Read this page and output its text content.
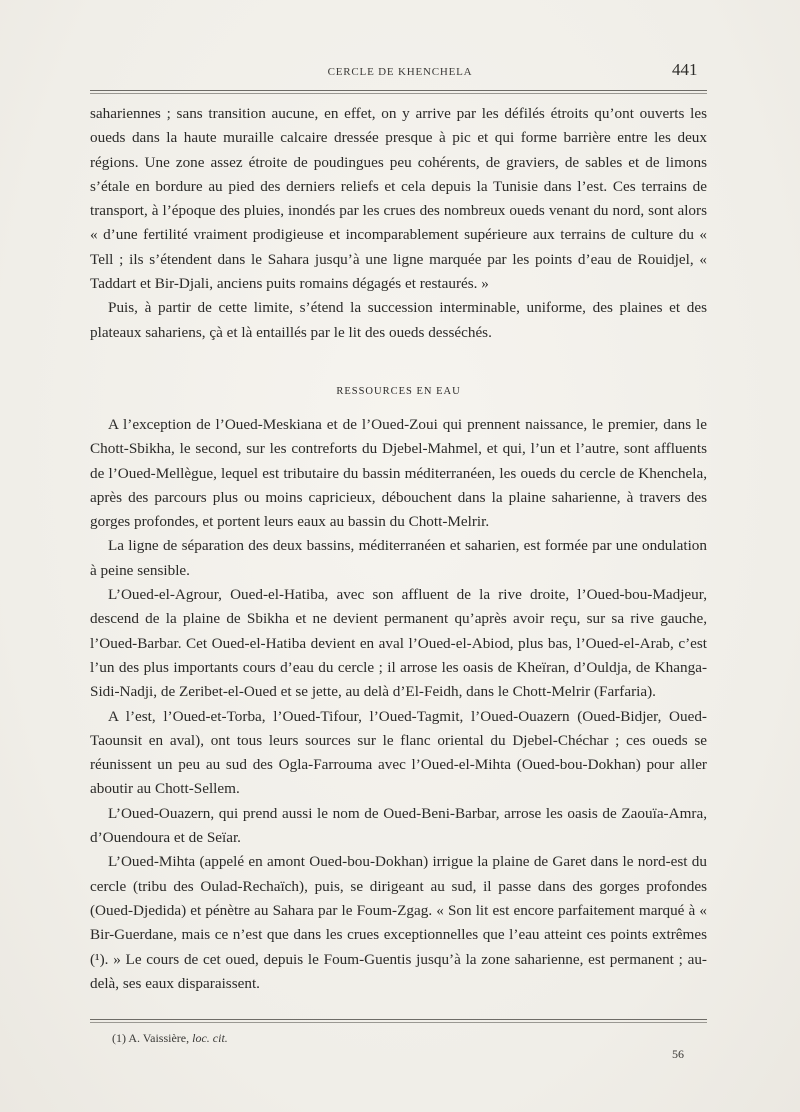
CERCLE DE KHENCHELA	441

sahariennes ; sans transition aucune, en effet, on y arrive par les défilés étroits qu’ont ouverts les oueds dans la haute muraille calcaire dressée presque à pic et qui forme barrière entre les deux régions. Une zone assez étroite de poudingues peu cohérents, de graviers, de sables et de limons s’étale en bordure au pied des derniers reliefs et cela depuis la Tunisie dans l’est. Ces terrains de transport, à l’époque des pluies, inondés par les crues des nombreux oueds venant du nord, sont alors « d’une fertilité vraiment prodigieuse et incomparablement supérieure aux terrains de culture du « Tell ; ils s’étendent dans le Sahara jusqu’à une ligne marquée par les points d’eau de Rouidjel, « Taddart et Bir-Djali, anciens puits romains dégagés et restaurés. »

Puis, à partir de cette limite, s’étend la succession interminable, uniforme, des plaines et des plateaux sahariens, çà et là entaillés par le lit des oueds desséchés.

RESSOURCES EN EAU

A l’exception de l’Oued-Meskiana et de l’Oued-Zoui qui prennent naissance, le premier, dans le Chott-Sbikha, le second, sur les contreforts du Djebel-Mahmel, et qui, l’un et l’autre, sont affluents de l’Oued-Mellègue, lequel est tributaire du bassin méditerranéen, les oueds du cercle de Khenchela, après des parcours plus ou moins capricieux, débouchent dans la plaine saharienne, à travers des gorges profondes, et portent leurs eaux au bassin du Chott-Melrir.

La ligne de séparation des deux bassins, méditerranéen et saharien, est formée par une ondulation à peine sensible.

L’Oued-el-Agrour, Oued-el-Hatiba, avec son affluent de la rive droite, l’Oued-bou-Madjeur, descend de la plaine de Sbikha et ne devient permanent qu’après avoir reçu, sur sa rive gauche, l’Oued-Barbar. Cet Oued-el-Hatiba devient en aval l’Oued-el-Abiod, plus bas, l’Oued-el-Arab, c’est l’un des plus importants cours d’eau du cercle ; il arrose les oasis de Kheïran, d’Ouldja, de Khanga-Sidi-Nadji, de Zeribet-el-Oued et se jette, au delà d’El-Feidh, dans le Chott-Melrir (Farfaria).

A l’est, l’Oued-et-Torba, l’Oued-Tifour, l’Oued-Tagmit, l’Oued-Ouazern (Oued-Bidjer, Oued-Taounsit en aval), ont tous leurs sources sur le flanc oriental du Djebel-Chéchar ; ces oueds se réunissent un peu au sud des Ogla-Farrouma avec l’Oued-el-Mihta (Oued-bou-Dokhan) pour aller aboutir au Chott-Sellem.

L’Oued-Ouazern, qui prend aussi le nom de Oued-Beni-Barbar, arrose les oasis de Zaouïa-Amra, d’Ouendoura et de Seïar.

L’Oued-Mihta (appelé en amont Oued-bou-Dokhan) irrigue la plaine de Garet dans le nord-est du cercle (tribu des Oulad-Rechaïch), puis, se dirigeant au sud, il passe dans des gorges profondes (Oued-Djedida) et pénètre au Sahara par le Foum-Zgag. « Son lit est encore parfaitement marqué à « Bir-Guerdane, mais ce n’est que dans les crues exceptionnelles que l’eau atteint ces points extrêmes (¹). » Le cours de cet oued, depuis le Foum-Guentis jusqu’à la zone saharienne, est permanent ; au-delà, ses eaux disparaissent.

(1) A. Vaissière, loc. cit.
56
